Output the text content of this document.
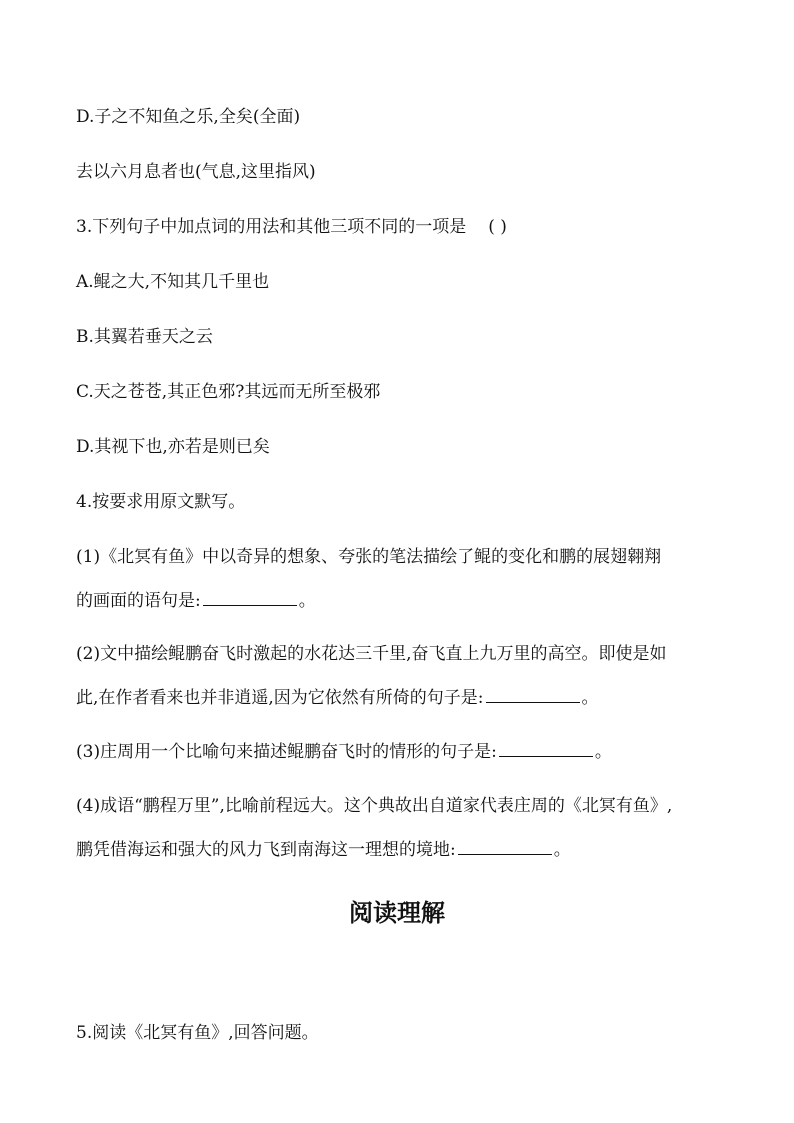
D.子之不知鱼之乐,全矣(全面)
去以六月息者也(气息,这里指风)
3.下列句子中加点词的用法和其他三项不同的一项是 ( )
A.鲲之大,不知其几千里也
B.其翼若垂天之云
C.天之苍苍,其正色邪?其远而无所至极邪
D.其视下也,亦若是则已矣
4.按要求用原文默写。
(1)《北冥有鱼》中以奇异的想象、夸张的笔法描绘了鲲的变化和鹏的展翅翱翔
的画面的语句是:	。
(2)文中描绘鲲鹏奋飞时激起的水花达三千里,奋飞直上九万里的高空。即使是如
此,在作者看来也并非逍遥,因为它依然有所倚的句子是:	。
(3)庄周用一个比喻句来描述鲲鹏奋飞时的情形的句子是:	。
(4)成语“鹏程万里”,比喻前程远大。这个典故出自道家代表庄周的《北冥有鱼》,
鹏凭借海运和强大的风力飞到南海这一理想的境地:	。
阅读理解
5.阅读《北冥有鱼》,回答问题。
